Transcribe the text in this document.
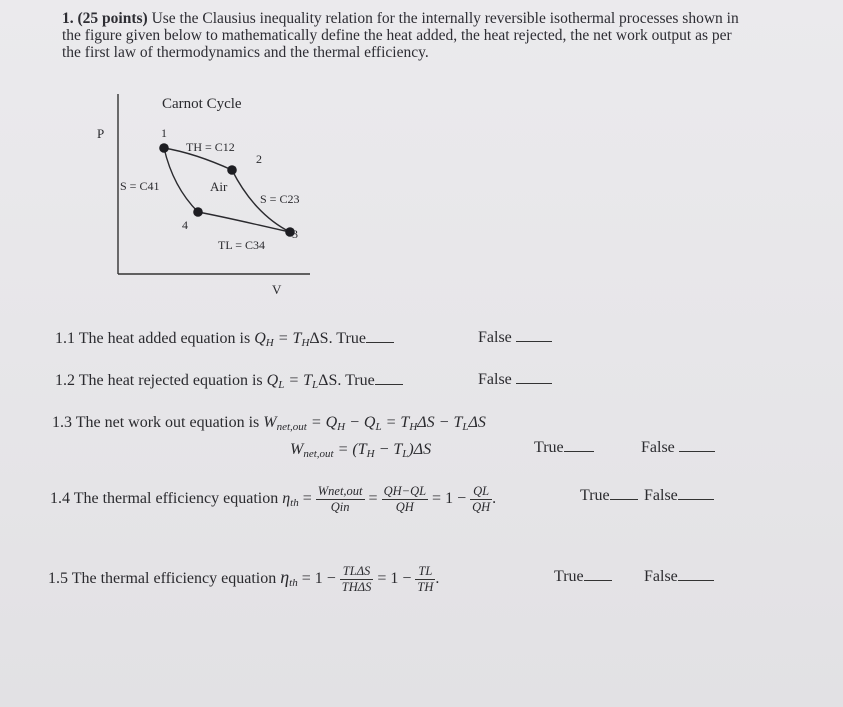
1. (25 points) Use the Clausius inequality relation for the internally reversible isothermal processes shown in the figure given below to mathematically define the heat added, the heat rejected, the net work output as per the first law of thermodynamics and the thermal efficiency.
Carnot Cycle
P
V
1
2
3
4
TH = C12
Air
S = C41
S = C23
TL = C34
1.1 The heat added equation is $Q_H = T_H\Delta S$. True	False
1.2 The heat rejected equation is $Q_L = T_L\Delta S$. True	False
1.3 The net work out equation is $W_{net,out} = Q_H - Q_L = T_H\Delta S - T_L\Delta S$
$W_{net,out} = (T_H - T_L)\Delta S$	True	False
1.4 The thermal efficiency equation $\eta_{th} = \frac{\text{Wnet,out}}{\text{Qin}} = \frac{QH-QL}{QH} = 1 - \frac{QL}{QH}$ .	True	False
1.5 The thermal efficiency equation $\eta_{th} = 1 - \frac{\text{TLΔS}}{\text{THΔS}} = 1 - \frac{TL}{TH}$ .	True	False
